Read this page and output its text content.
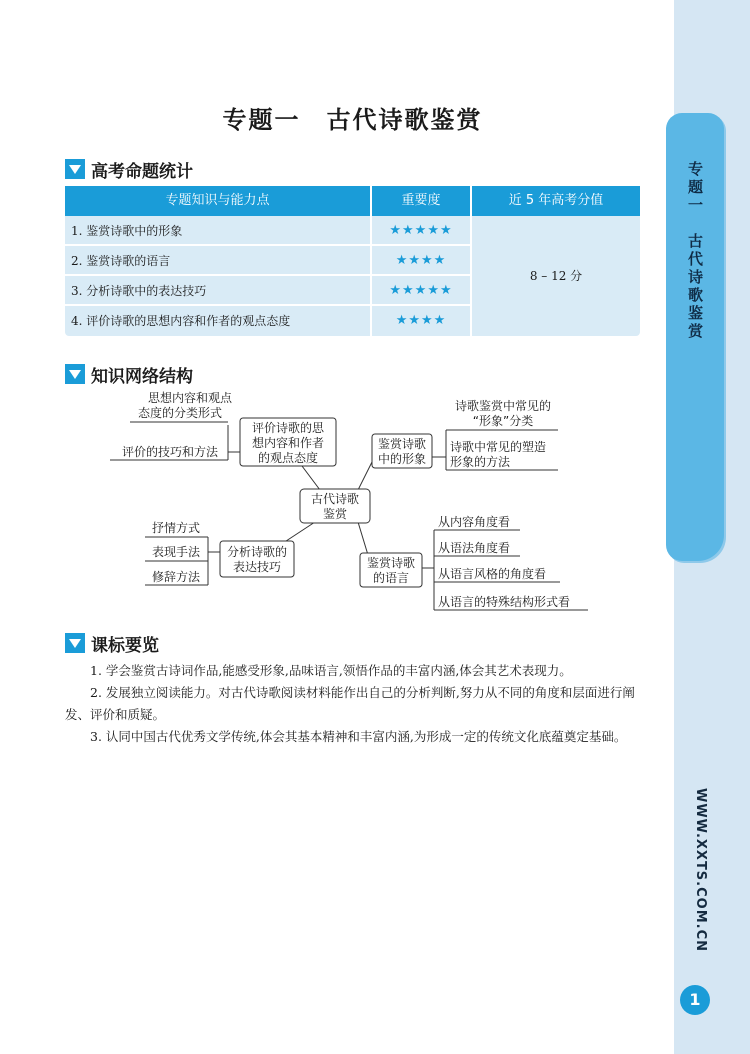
专题一　古代诗歌鉴赏
WWW.XXTS.COM.CN
1
专题一　古代诗歌鉴赏
高考命题统计
专题知识与能力点	重要度	近 5 年高考分值
1. 鉴赏诗歌中的形象	★★★★★
2. 鉴赏诗歌的语言	★★★★
3. 分析诗歌中的表达技巧	★★★★★
4. 评价诗歌的思想内容和作者的观点态度	★★★★
8 – 12 分
知识网络结构
古代诗歌
鉴赏
评价诗歌的思
想内容和作者
的观点态度
思想内容和观点
态度的分类形式
评价的技巧和方法
鉴赏诗歌
中的形象
诗歌鉴赏中常见的
“形象”分类
诗歌中常见的塑造
形象的方法
分析诗歌的
表达技巧
抒情方式
表现手法
修辞方法
鉴赏诗歌
的语言
从内容角度看
从语法角度看
从语言风格的角度看
从语言的特殊结构形式看
课标要览

1. 学会鉴赏古诗词作品,能感受形象,品味语言,领悟作品的丰富内涵,体会其艺术表现力。

2. 发展独立阅读能力。对古代诗歌阅读材料能作出自己的分析判断,努力从不同的角度和层面进行阐发、评价和质疑。

3. 认同中国古代优秀文学传统,体会其基本精神和丰富内涵,为形成一定的传统文化底蕴奠定基础。
